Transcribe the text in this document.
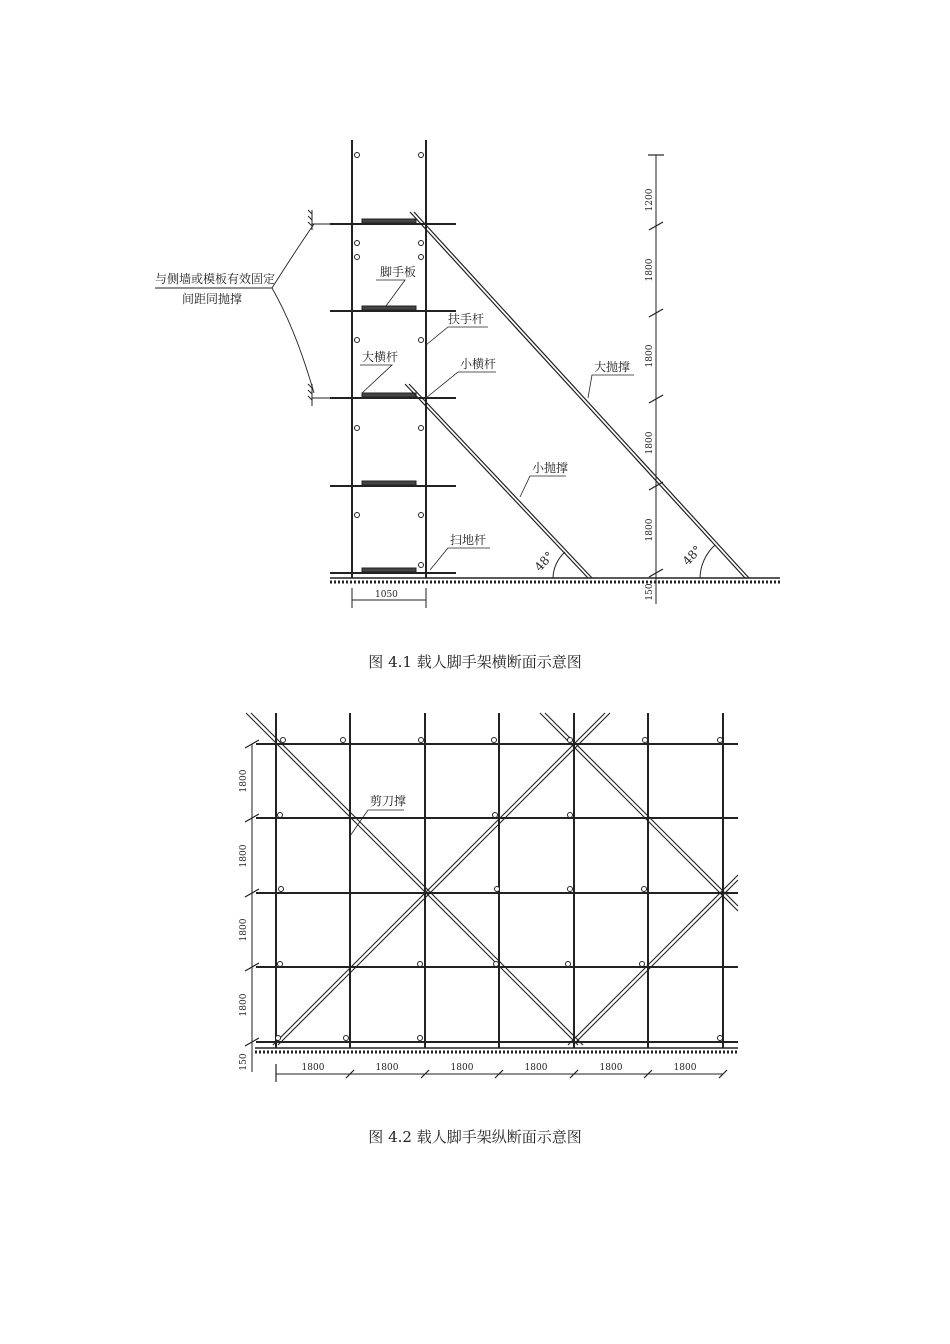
与侧墙或模板有效固定
间距同抛撑
脚手板
扶手杆
大横杆	小横杆	大抛撑
小抛撑
扫地杆
48°	48°
1050
1200
1800
1800
1800
1800
150
剪刀撑
1800
1800
1800
1800
150	1800	1800	1800	1800	1800	1800
图 4.1 载人脚手架横断面示意图
图 4.2 载人脚手架纵断面示意图
